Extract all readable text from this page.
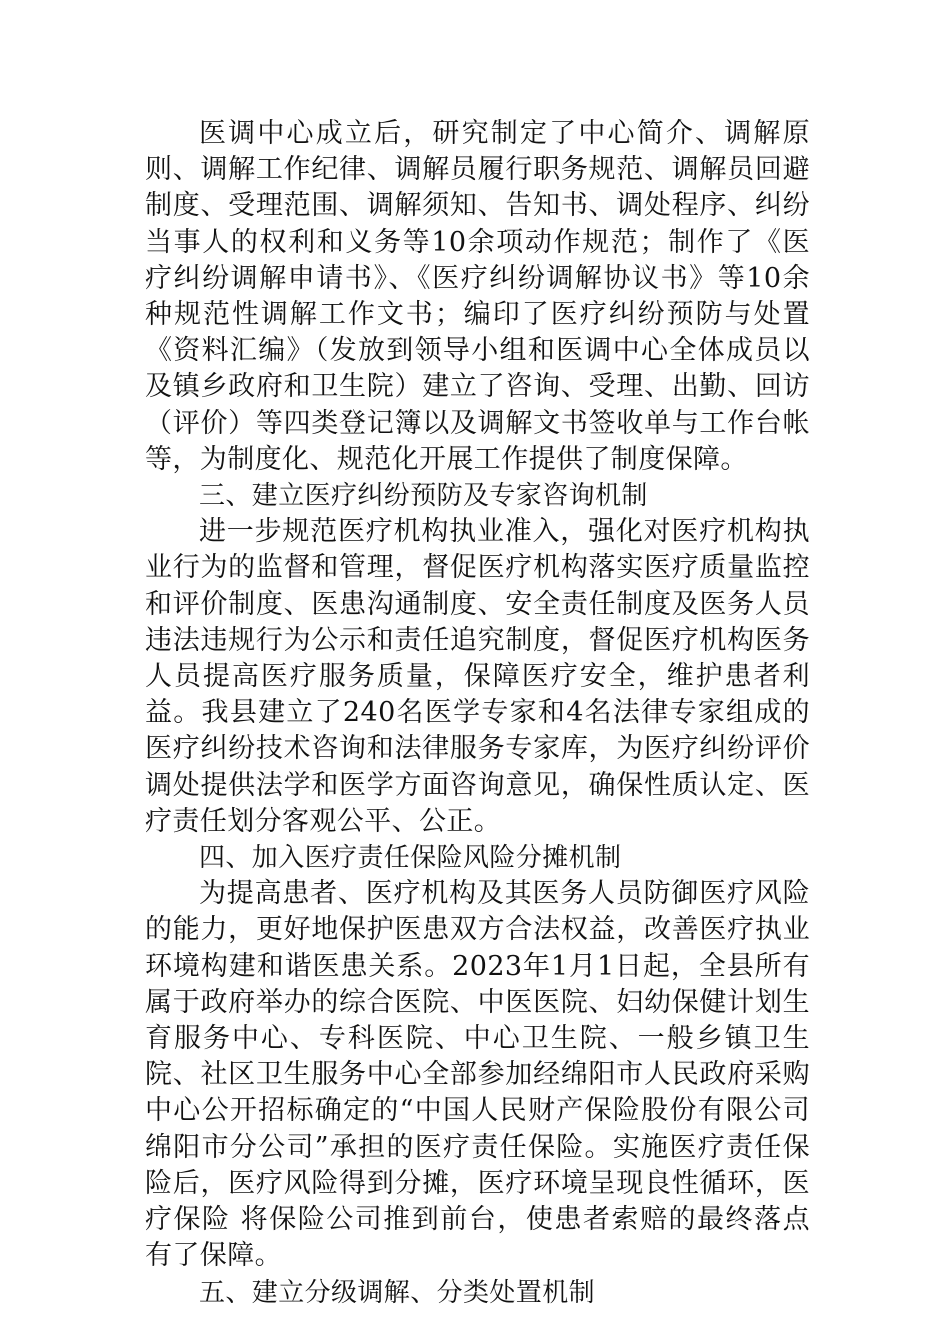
医调中心成立后，研究制定了中心简介、调解原则、调解工作纪律、调解员履行职务规范、调解员回避制度、受理范围、调解须知、告知书、调处程序、纠纷当事人的权利和义务等10余项动作规范；制作了《医疗纠纷调解申请书》、《医疗纠纷调解协议书》等10余种规范性调解工作文书；编印了医疗纠纷预防与处置《资料汇编》（发放到领导小组和医调中心全体成员以及镇乡政府和卫生院）建立了咨询、受理、出勤、回访（评价）等四类登记簿以及调解文书签收单与工作台帐等，为制度化、规范化开展工作提供了制度保障。

三、建立医疗纠纷预防及专家咨询机制

进一步规范医疗机构执业准入，强化对医疗机构执业行为的监督和管理，督促医疗机构落实医疗质量监控和评价制度、医患沟通制度、安全责任制度及医务人员违法违规行为公示和责任追究制度，督促医疗机构医务人员提高医疗服务质量，保障医疗安全，维护患者利益。我县建立了240名医学专家和4名法律专家组成的医疗纠纷技术咨询和法律服务专家库，为医疗纠纷评价调处提供法学和医学方面咨询意见，确保性质认定、医疗责任划分客观公平、公正。

四、加入医疗责任保险风险分摊机制

为提高患者、医疗机构及其医务人员防御医疗风险的能力，更好地保护医患双方合法权益，改善医疗执业环境构建和谐医患关系。2023年1月1日起，全县所有属于政府举办的综合医院、中医医院、妇幼保健计划生育服务中心、专科医院、中心卫生院、一般乡镇卫生院、社区卫生服务中心全部参加经绵阳市人民政府采购中心公开招标确定的“中国人民财产保险股份有限公司绵阳市分公司”承担的医疗责任保险。实施医疗责任保险后，医疗风险得到分摊，医疗环境呈现良性循环，医疗保险 将保险公司推到前台，使患者索赔的最终落点有了保障。

五、建立分级调解、分类处置机制
